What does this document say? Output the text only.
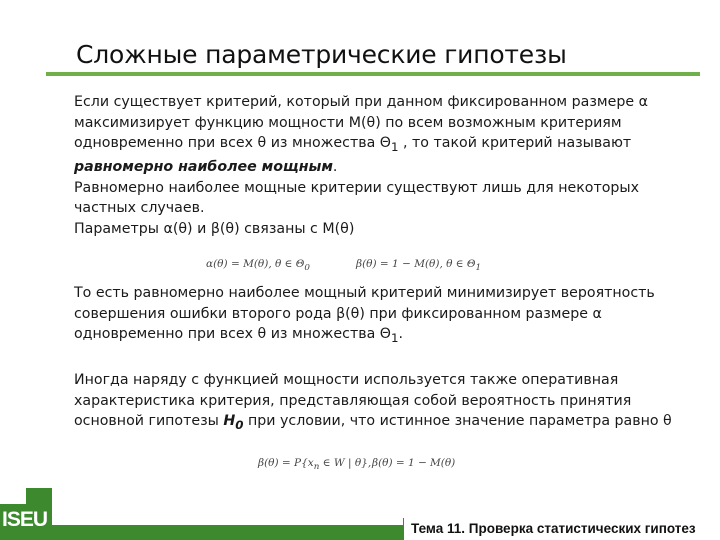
Сложные параметрические гипотезы
Если существует критерий, который при данном фиксированном размере α максимизирует функцию мощности M(θ) по всем возможным критериям одновременно при всех θ из множества $\Theta_1$ , то такой критерий называют равномерно наиболее мощным.
Равномерно наиболее мощные критерии существуют лишь для некоторых частных случаев.
Параметры α(θ) и β(θ) связаны с M(θ)
α(θ) = M(θ), θ ∈ $\Theta_0$	β(θ) = 1 − M(θ), θ ∈ $\Theta_1$
То есть равномерно наиболее мощный критерий минимизирует вероятность совершения ошибки второго рода β(θ) при фиксированном размере α одновременно при всех θ из множества $\Theta_1$.
Иногда наряду с функцией мощности используется также оперативная характеристика критерия, представляющая собой вероятность принятия основной гипотезы $H_0$ при условии, что истинное значение параметра равно θ
$\beta(\theta) = P\{x_n$ ∈ W | θ}, β(θ) = 1 − M(θ)
ISEU	Тема 11. Проверка статистических гипотез
